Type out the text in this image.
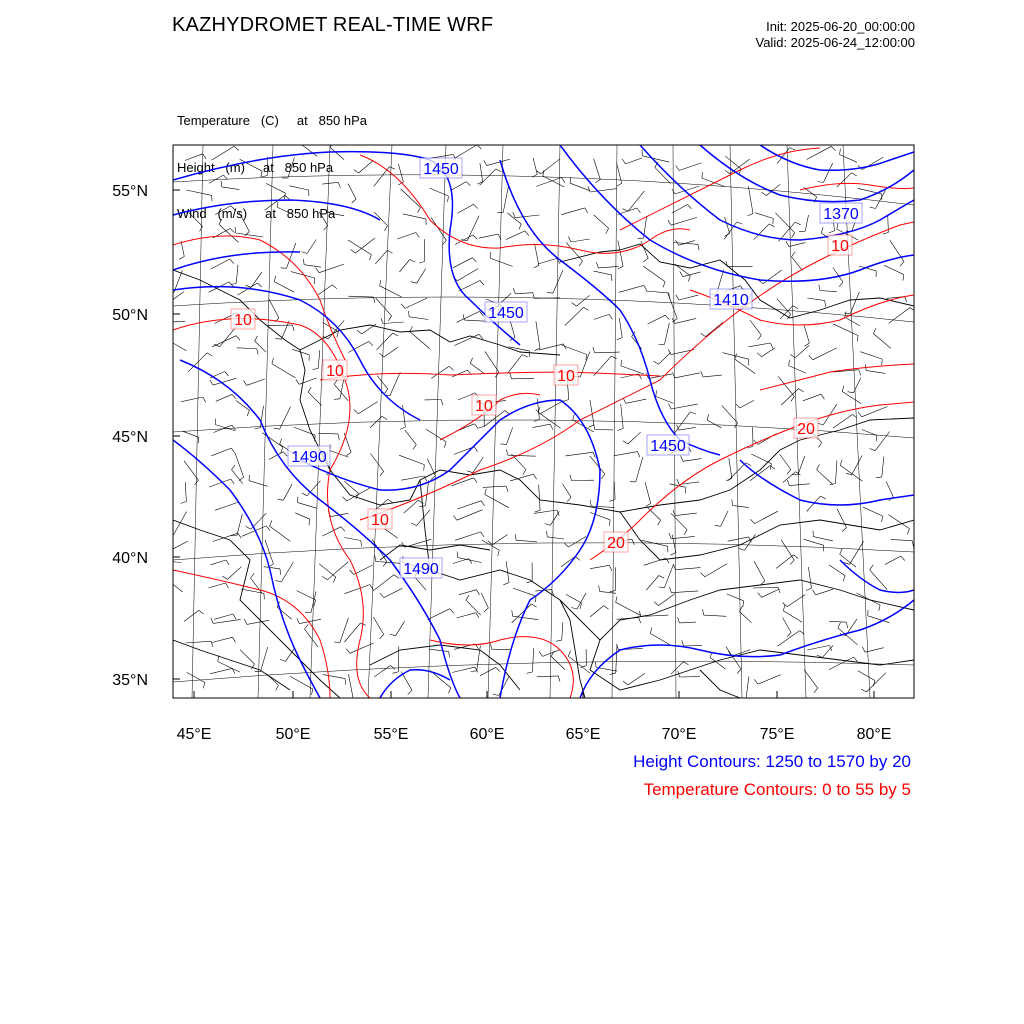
KAZHYDROMET REAL-TIME WRF	Init: 2025-06-20_00:00:00
Valid: 2025-06-24_12:00:00

Temperature   (C)     at   850 hPa

Height   (m)     at   850 hPa

Wind   (m/s)     at   850 hPa

55°N
50°N
45°N
40°N
35°N
45°E	50°E	55°E	60°E	65°E	70°E	75°E	80°E
1450
1370
1450
1410
1490
1450
1490
10
10	10
10
10
20
20
10
Height Contours: 1250 to 1570 by 20
Temperature Contours: 0 to 55 by 5
